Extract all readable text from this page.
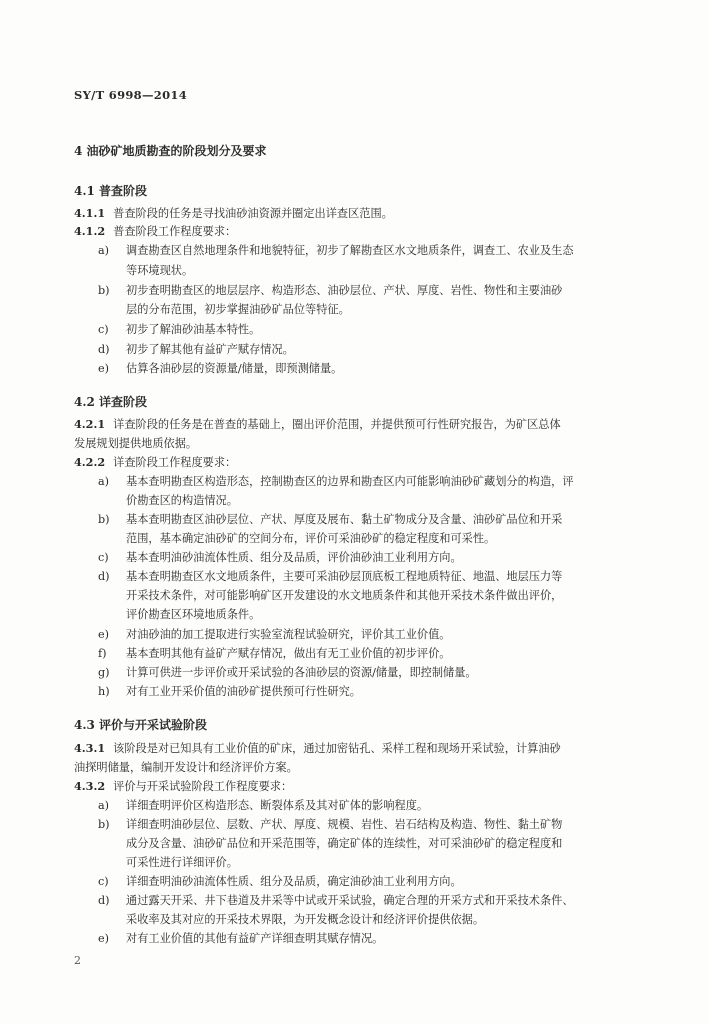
SY/T 6998—2014
4 油砂矿地质勘查的阶段划分及要求
4.1 普查阶段
4.1.1 普查阶段的任务是寻找油砂油资源并圈定出详查区范围。
4.1.2 普查阶段工作程度要求：
a) 调查勘查区自然地理条件和地貌特征，初步了解勘查区水文地质条件，调查工、农业及生态
等环境现状。
b) 初步查明勘查区的地层层序、构造形态、油砂层位、产状、厚度、岩性、物性和主要油砂
层的分布范围，初步掌握油砂矿品位等特征。
c) 初步了解油砂油基本特性。
d) 初步了解其他有益矿产赋存情况。
e) 估算各油砂层的资源量/储量，即预测储量。
4.2 详查阶段
4.2.1 详查阶段的任务是在普查的基础上，圈出评价范围，并提供预可行性研究报告，为矿区总体
发展规划提供地质依据。
4.2.2 详查阶段工作程度要求：
a) 基本查明勘查区构造形态，控制勘查区的边界和勘查区内可能影响油砂矿藏划分的构造，评
价勘查区的构造情况。
b) 基本查明勘查区油砂层位、产状、厚度及展布、黏土矿物成分及含量、油砂矿品位和开采
范围，基本确定油砂矿的空间分布，评价可采油砂矿的稳定程度和可采性。
c) 基本查明油砂油流体性质、组分及品质，评价油砂油工业利用方向。
d) 基本查明勘查区水文地质条件，主要可采油砂层顶底板工程地质特征、地温、地层压力等
开采技术条件，对可能影响矿区开发建设的水文地质条件和其他开采技术条件做出评价，
评价勘查区环境地质条件。
e) 对油砂油的加工提取进行实验室流程试验研究，评价其工业价值。
f) 基本查明其他有益矿产赋存情况，做出有无工业价值的初步评价。
g) 计算可供进一步评价或开采试验的各油砂层的资源/储量，即控制储量。
h) 对有工业开采价值的油砂矿提供预可行性研究。
4.3 评价与开采试验阶段
4.3.1 该阶段是对已知具有工业价值的矿床，通过加密钻孔、采样工程和现场开采试验，计算油砂
油探明储量，编制开发设计和经济评价方案。
4.3.2 评价与开采试验阶段工作程度要求：
a) 详细查明评价区构造形态、断裂体系及其对矿体的影响程度。
b) 详细查明油砂层位、层数、产状、厚度、规模、岩性、岩石结构及构造、物性、黏土矿物
成分及含量、油砂矿品位和开采范围等，确定矿体的连续性，对可采油砂矿的稳定程度和
可采性进行详细评价。
c) 详细查明油砂油流体性质、组分及品质，确定油砂油工业利用方向。
d) 通过露天开采、井下巷道及井采等中试或开采试验，确定合理的开采方式和开采技术条件、
采收率及其对应的开采技术界限，为开发概念设计和经济评价提供依据。
e) 对有工业价值的其他有益矿产详细查明其赋存情况。
2
